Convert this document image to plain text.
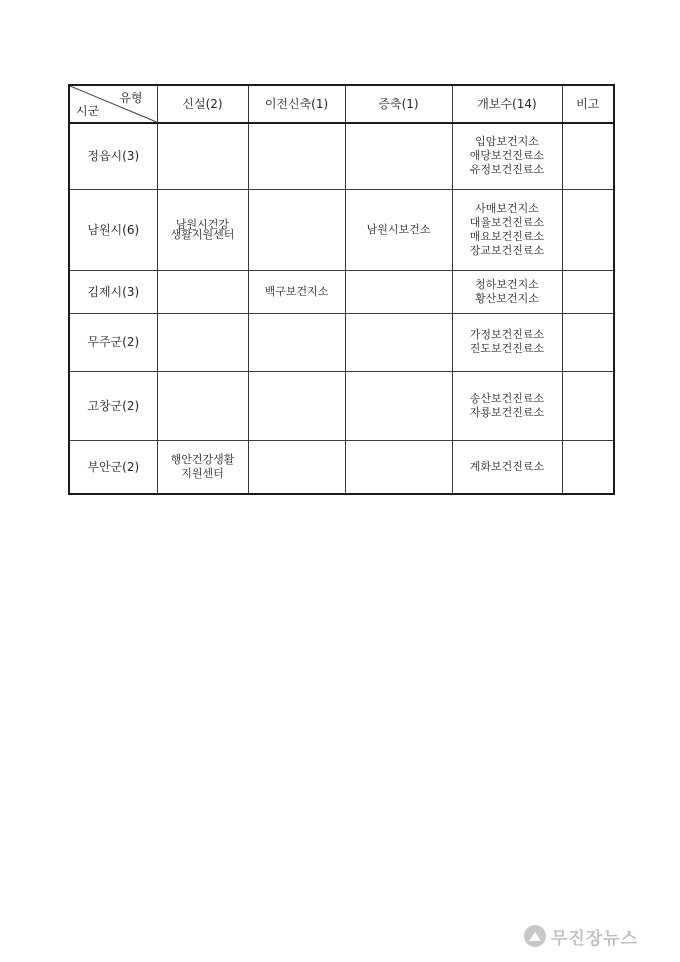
유형
시군	신설(2)	이전신축(1)	증축(1)	개보수(14)	비고
정읍시(3)				입암보건지소
애당보건진료소
유정보건진료소	

남원시(6)	남원시건강
생활지원센터		남원시보건소	사매보건지소
대율보건진료소
매요보건진료소
장교보건진료소	

김제시(3)		백구보건지소		청하보건지소
황산보건지소	

무주군(2)				가정보건진료소
진도보건진료소	

고창군(2)				송산보건진료소
자룡보건진료소	

부안군(2)	행안건강생활
지원센터			계화보건진료소	

무진장뉴스
